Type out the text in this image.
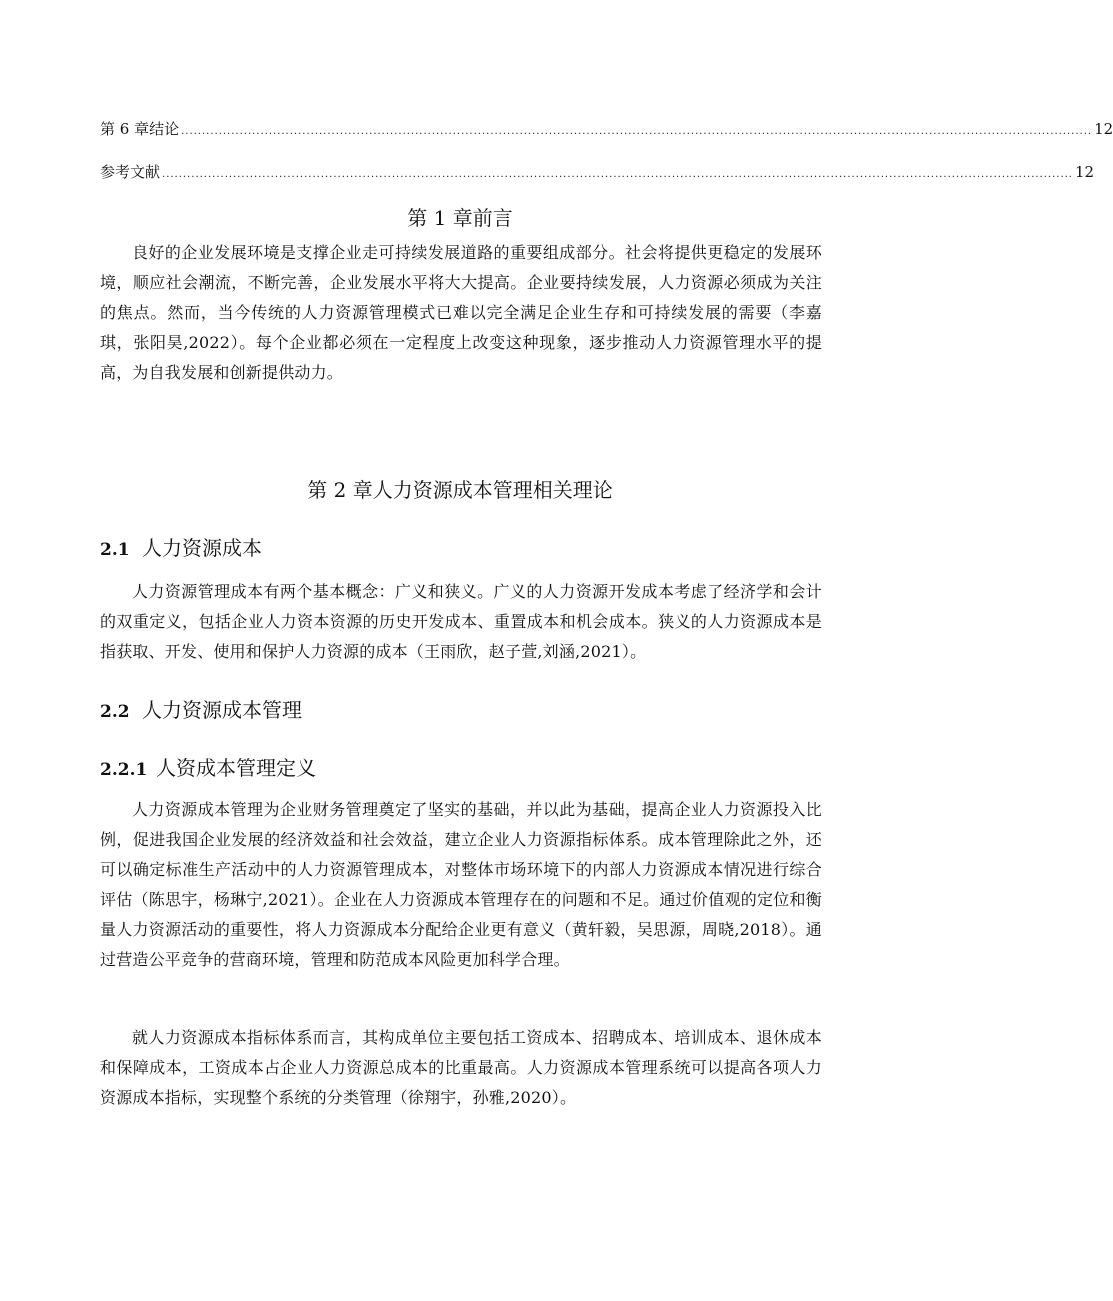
第 6 章结论 .......................................................................................................................................................................................................................... 12
参考文献 .......................................................................................................................................................................................................................... 12
第 1 章前言

良好的企业发展环境是支撑企业走可持续发展道路的重要组成部分。社会将提供更稳定的发展环境，顺应社会潮流，不断完善，企业发展水平将大大提高。企业要持续发展，人力资源必须成为关注的焦点。然而，当今传统的人力资源管理模式已难以完全满足企业生存和可持续发展的需要（李嘉琪，张阳昊,2022）。每个企业都必须在一定程度上改变这种现象，逐步推动人力资源管理水平的提高，为自我发展和创新提供动力。

第 2 章人力资源成本管理相关理论
2.1 人力资源成本

人力资源管理成本有两个基本概念：广义和狭义。广义的人力资源开发成本考虑了经济学和会计的双重定义，包括企业人力资本资源的历史开发成本、重置成本和机会成本。狭义的人力资源成本是指获取、开发、使用和保护人力资源的成本（王雨欣，赵子萱,刘涵,2021）。

2.2 人力资源成本管理
2.2.1 人资成本管理定义

人力资源成本管理为企业财务管理奠定了坚实的基础，并以此为基础，提高企业人力资源投入比例，促进我国企业发展的经济效益和社会效益，建立企业人力资源指标体系。成本管理除此之外，还可以确定标准生产活动中的人力资源管理成本，对整体市场环境下的内部人力资源成本情况进行综合评估（陈思宇，杨琳宁,2021）。企业在人力资源成本管理存在的问题和不足。通过价值观的定位和衡量人力资源活动的重要性，将人力资源成本分配给企业更有意义（黄轩毅，吴思源，周晓,2018）。通过营造公平竞争的营商环境，管理和防范成本风险更加科学合理。

就人力资源成本指标体系而言，其构成单位主要包括工资成本、招聘成本、培训成本、退休成本和保障成本，工资成本占企业人力资源总成本的比重最高。人力资源成本管理系统可以提高各项人力资源成本指标，实现整个系统的分类管理（徐翔宇，孙雅,2020）。
